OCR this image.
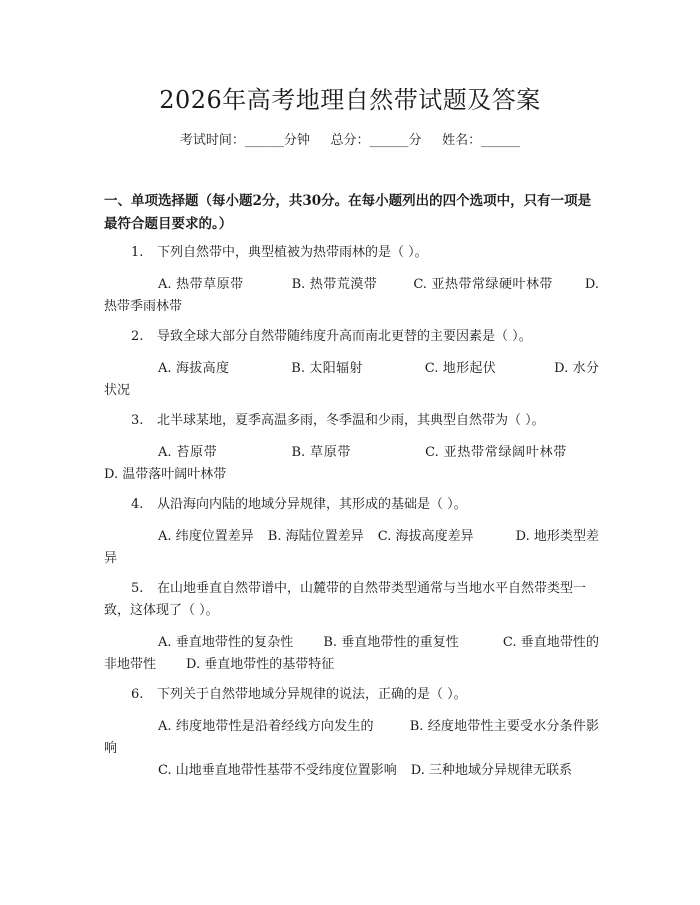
2026年高考地理自然带试题及答案
考试时间：______分钟     总分：______分     姓名：______
一、单项选择题（每小题2分，共30分。在每小题列出的四个选项中，只有一项是最符合题目要求的。）
1. 下列自然带中，典型植被为热带雨林的是（ ）。
A. 热带草原带	B. 热带荒漠带	C. 亚热带常绿硬叶林带 D. 热带季雨林带
2. 导致全球大部分自然带随纬度升高而南北更替的主要因素是（ ）。
A. 海拔高度	B. 太阳辐射	C. 地形起伏	D. 水分状况
3. 北半球某地，夏季高温多雨，冬季温和少雨，其典型自然带为（ ）。
A. 苔原带	B. 草原带	C. 亚热带常绿阔叶林带D. 温带落叶阔叶林带
4. 从沿海向内陆的地域分异规律，其形成的基础是（ ）。
A. 纬度位置差异 B. 海陆位置差异 C. 海拔高度差异	D. 地形类型差异
5. 在山地垂直自然带谱中，山麓带的自然带类型通常与当地水平自然带类型一致，这体现了（ ）。
A. 垂直地带性的复杂性 B. 垂直地带性的重复性	C. 垂直地带性的非地带性 D. 垂直地带性的基带特征
6. 下列关于自然带地域分异规律的说法，正确的是（ ）。
A. 纬度地带性是沿着经线方向发生的	B. 经度地带性主要受水分条件影响
C. 山地垂直地带性基带不受纬度位置影响 D. 三种地域分异规律无联系
